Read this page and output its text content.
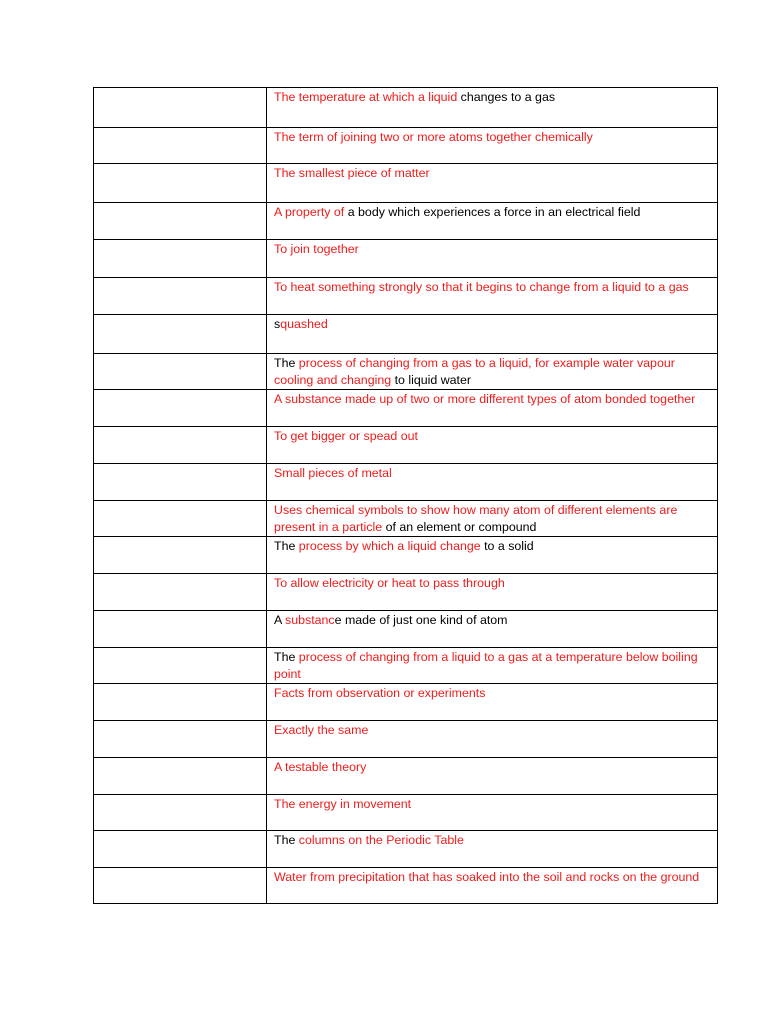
	The temperature at which a liquid changes to a gas
	The term of joining two or more atoms together chemically
	The smallest piece of matter
	A property of a body which experiences a force in an electrical field
	To join together
	To heat something strongly so that it begins to change from a liquid to a gas
	squashed
	The process of changing from a gas to a liquid, for example water vapour cooling and changing to liquid water
	A substance made up of two or more different types of atom bonded together
	To get bigger or spead out
	Small pieces of metal
	Uses chemical symbols to show how many atom of different elements are present in a particle of an element or compound
	The process by which a liquid change to a solid
	To allow electricity or heat to pass through
	A substance made of just one kind of atom
	The process of changing from a liquid to a gas at a temperature below boiling point
	Facts from observation or experiments
	Exactly the same
	A testable theory
	The energy in movement
	The columns on the Periodic Table
	Water from precipitation that has soaked into the soil and rocks on the ground
